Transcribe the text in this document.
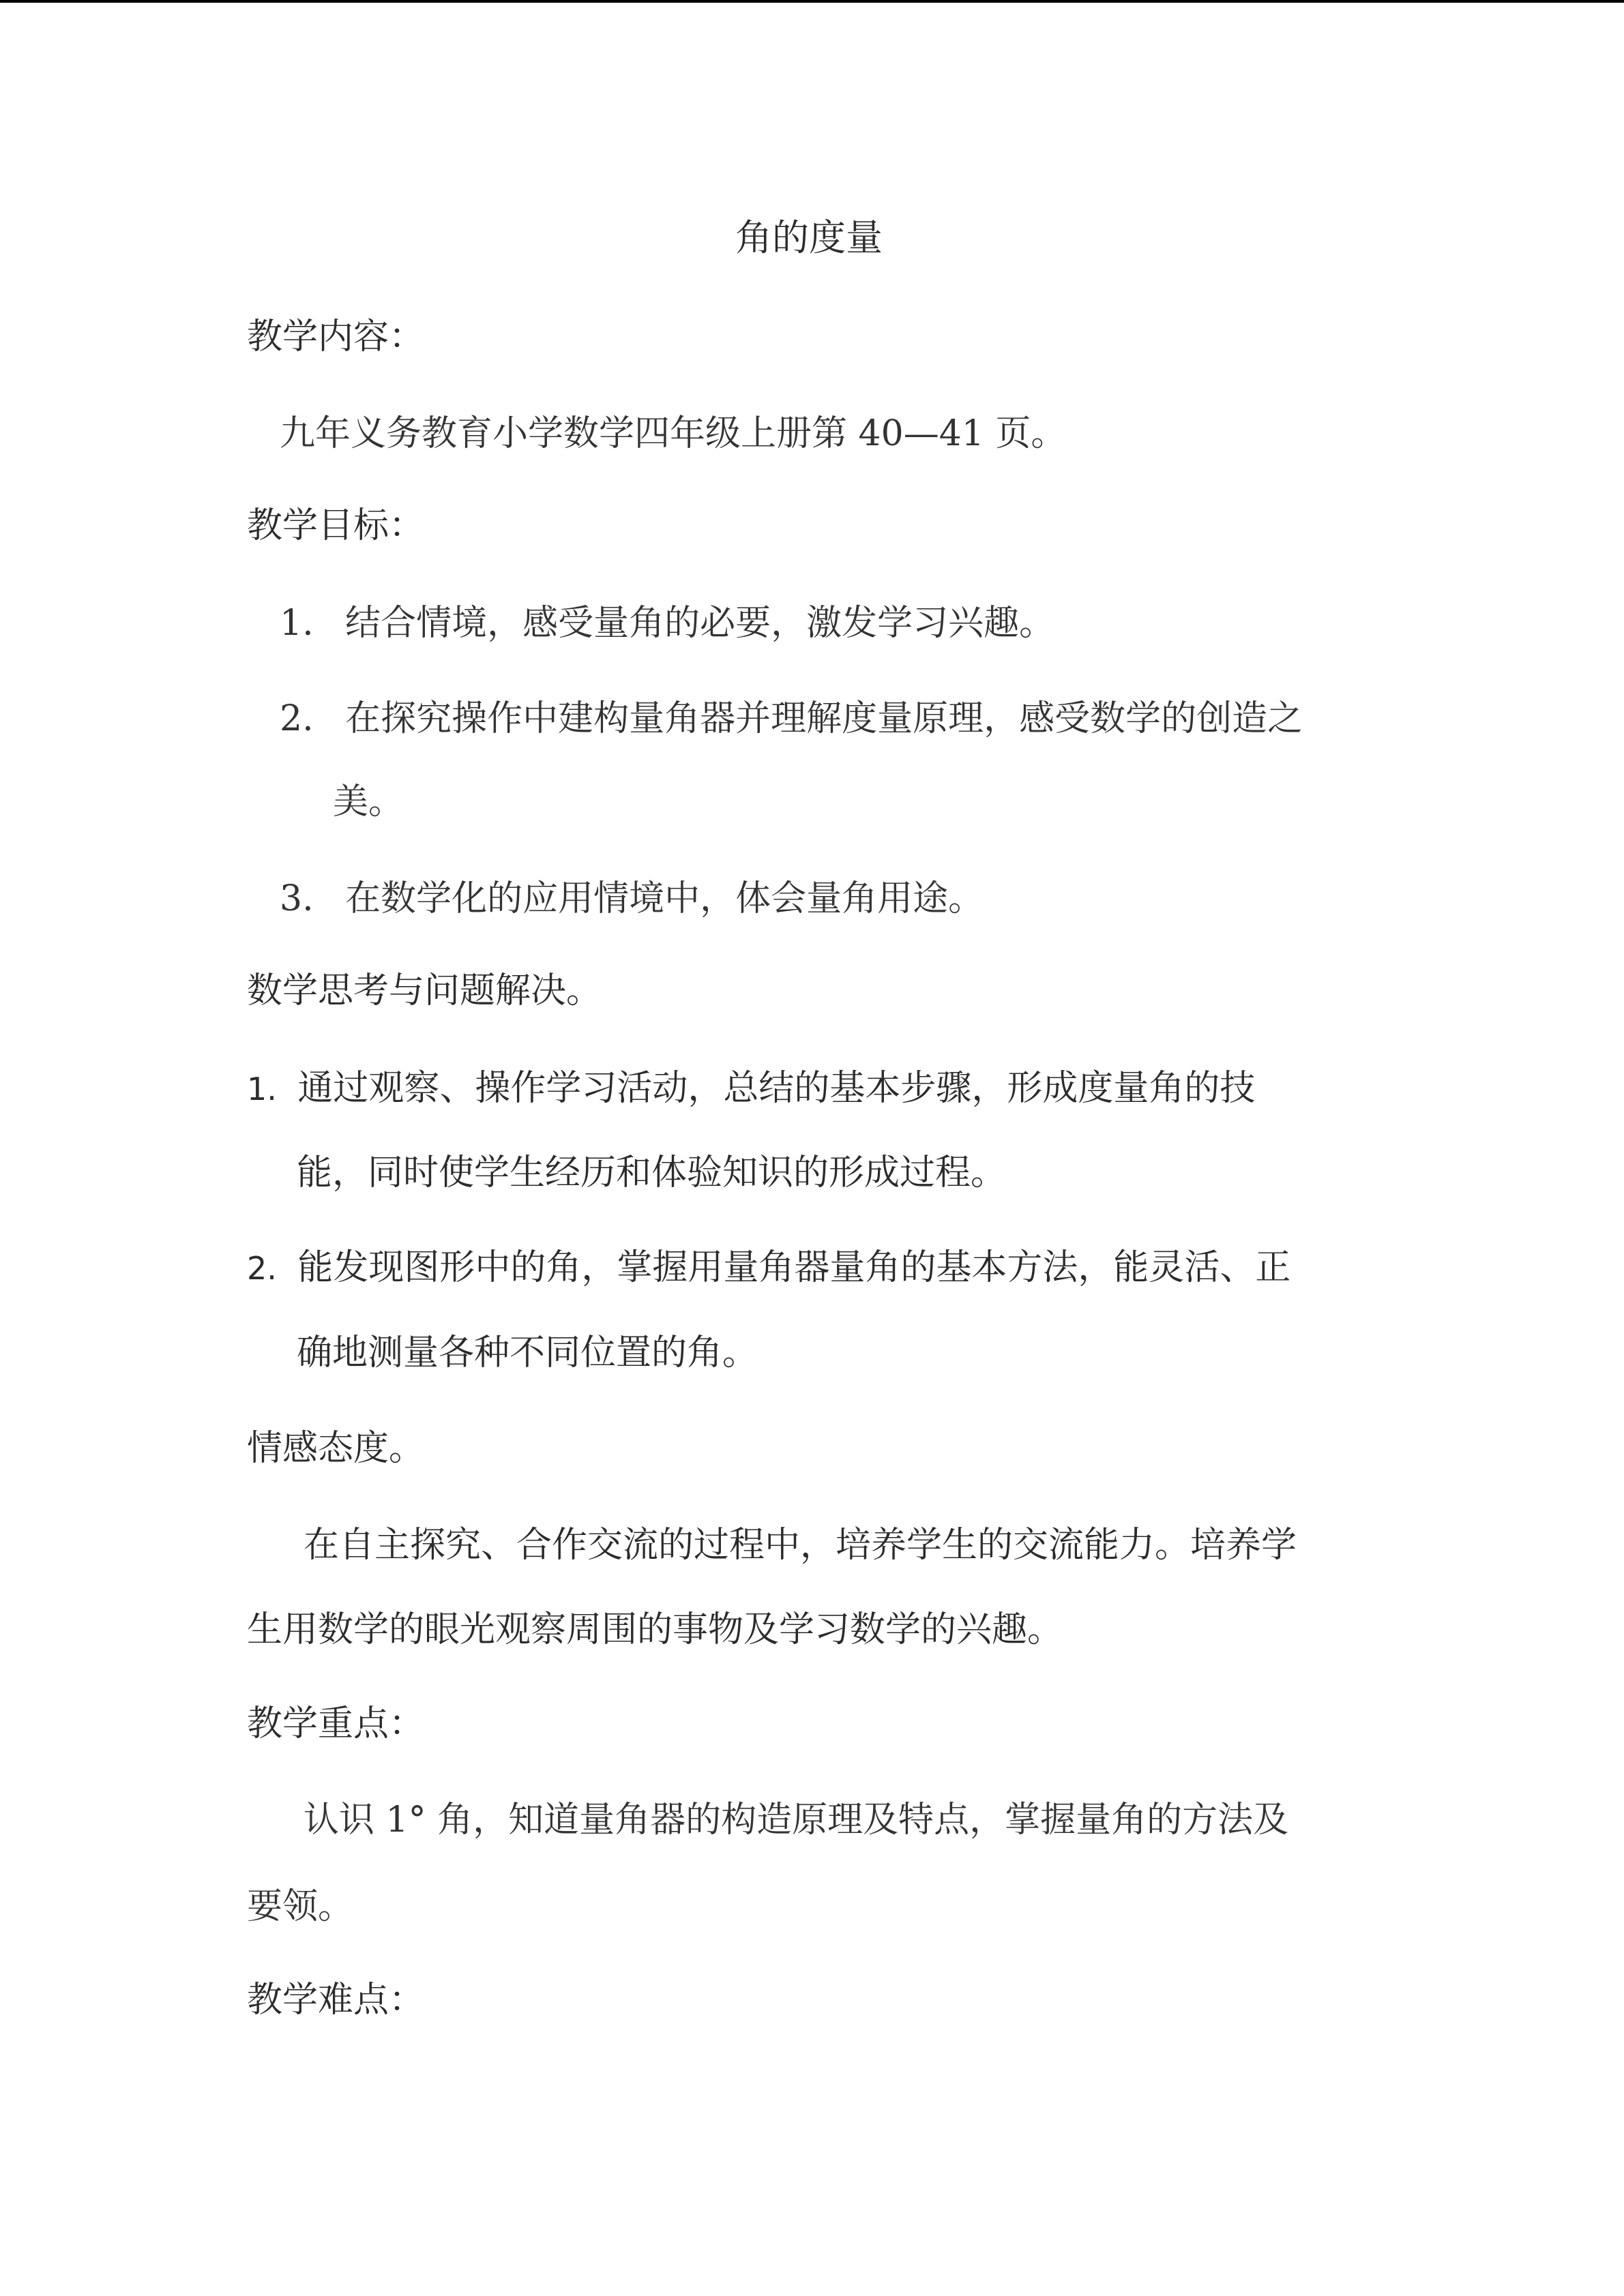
角的度量
教学内容：
九年义务教育小学数学四年级上册第 40—41 页。
教学目标：
1. 结合情境，感受量角的必要，激发学习兴趣。
2. 在探究操作中建构量角器并理解度量原理，感受数学的创造之
美。
3. 在数学化的应用情境中，体会量角用途。
数学思考与问题解决。
1. 通过观察、操作学习活动，总结的基本步骤，形成度量角的技
能，同时使学生经历和体验知识的形成过程。
2. 能发现图形中的角，掌握用量角器量角的基本方法，能灵活、正
确地测量各种不同位置的角。
情感态度。
在自主探究、合作交流的过程中，培养学生的交流能力。培养学
生用数学的眼光观察周围的事物及学习数学的兴趣。
教学重点：
认识 1° 角，知道量角器的构造原理及特点，掌握量角的方法及
要领。
教学难点：
